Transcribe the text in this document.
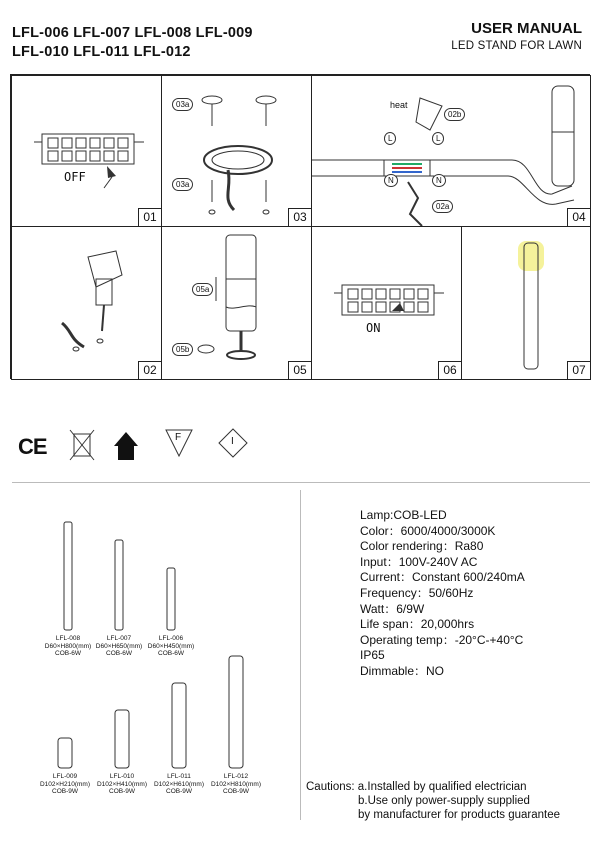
LFL-006 LFL-007 LFL-008 LFL-009
LFL-010 LFL-011 LFL-012
USER MANUAL
LED STAND FOR LAWN
OFF
01
03a
03a
03
heat
02b
02a
L	L
N	N
04
02
05a
05b
05
ON
06	07
CE	F	I
LFL-008
D60×H800(mm)
COB-6W
LFL-007
D60×H650(mm)
COB-6W
LFL-006
D60×H450(mm)
COB-6W
LFL-009
D102×H210(mm)
COB-9W
LFL-010
D102×H410(mm)
COB-9W
LFL-011
D102×H610(mm)
COB-9W
LFL-012
D102×H810(mm)
COB-9W
Lamp:COB-LED
Color：6000/4000/3000K
Color rendering：Ra80
Input：100V-240V AC
Current：Constant 600/240mA
Frequency：50/60Hz
Watt：6/9W
Life span：20,000hrs
Operating temp：-20°C-+40°C
IP65
Dimmable：NO
Cautions: a.Installed by qualified electrician
b.Use only power-supply supplied
by manufacturer for products guarantee
